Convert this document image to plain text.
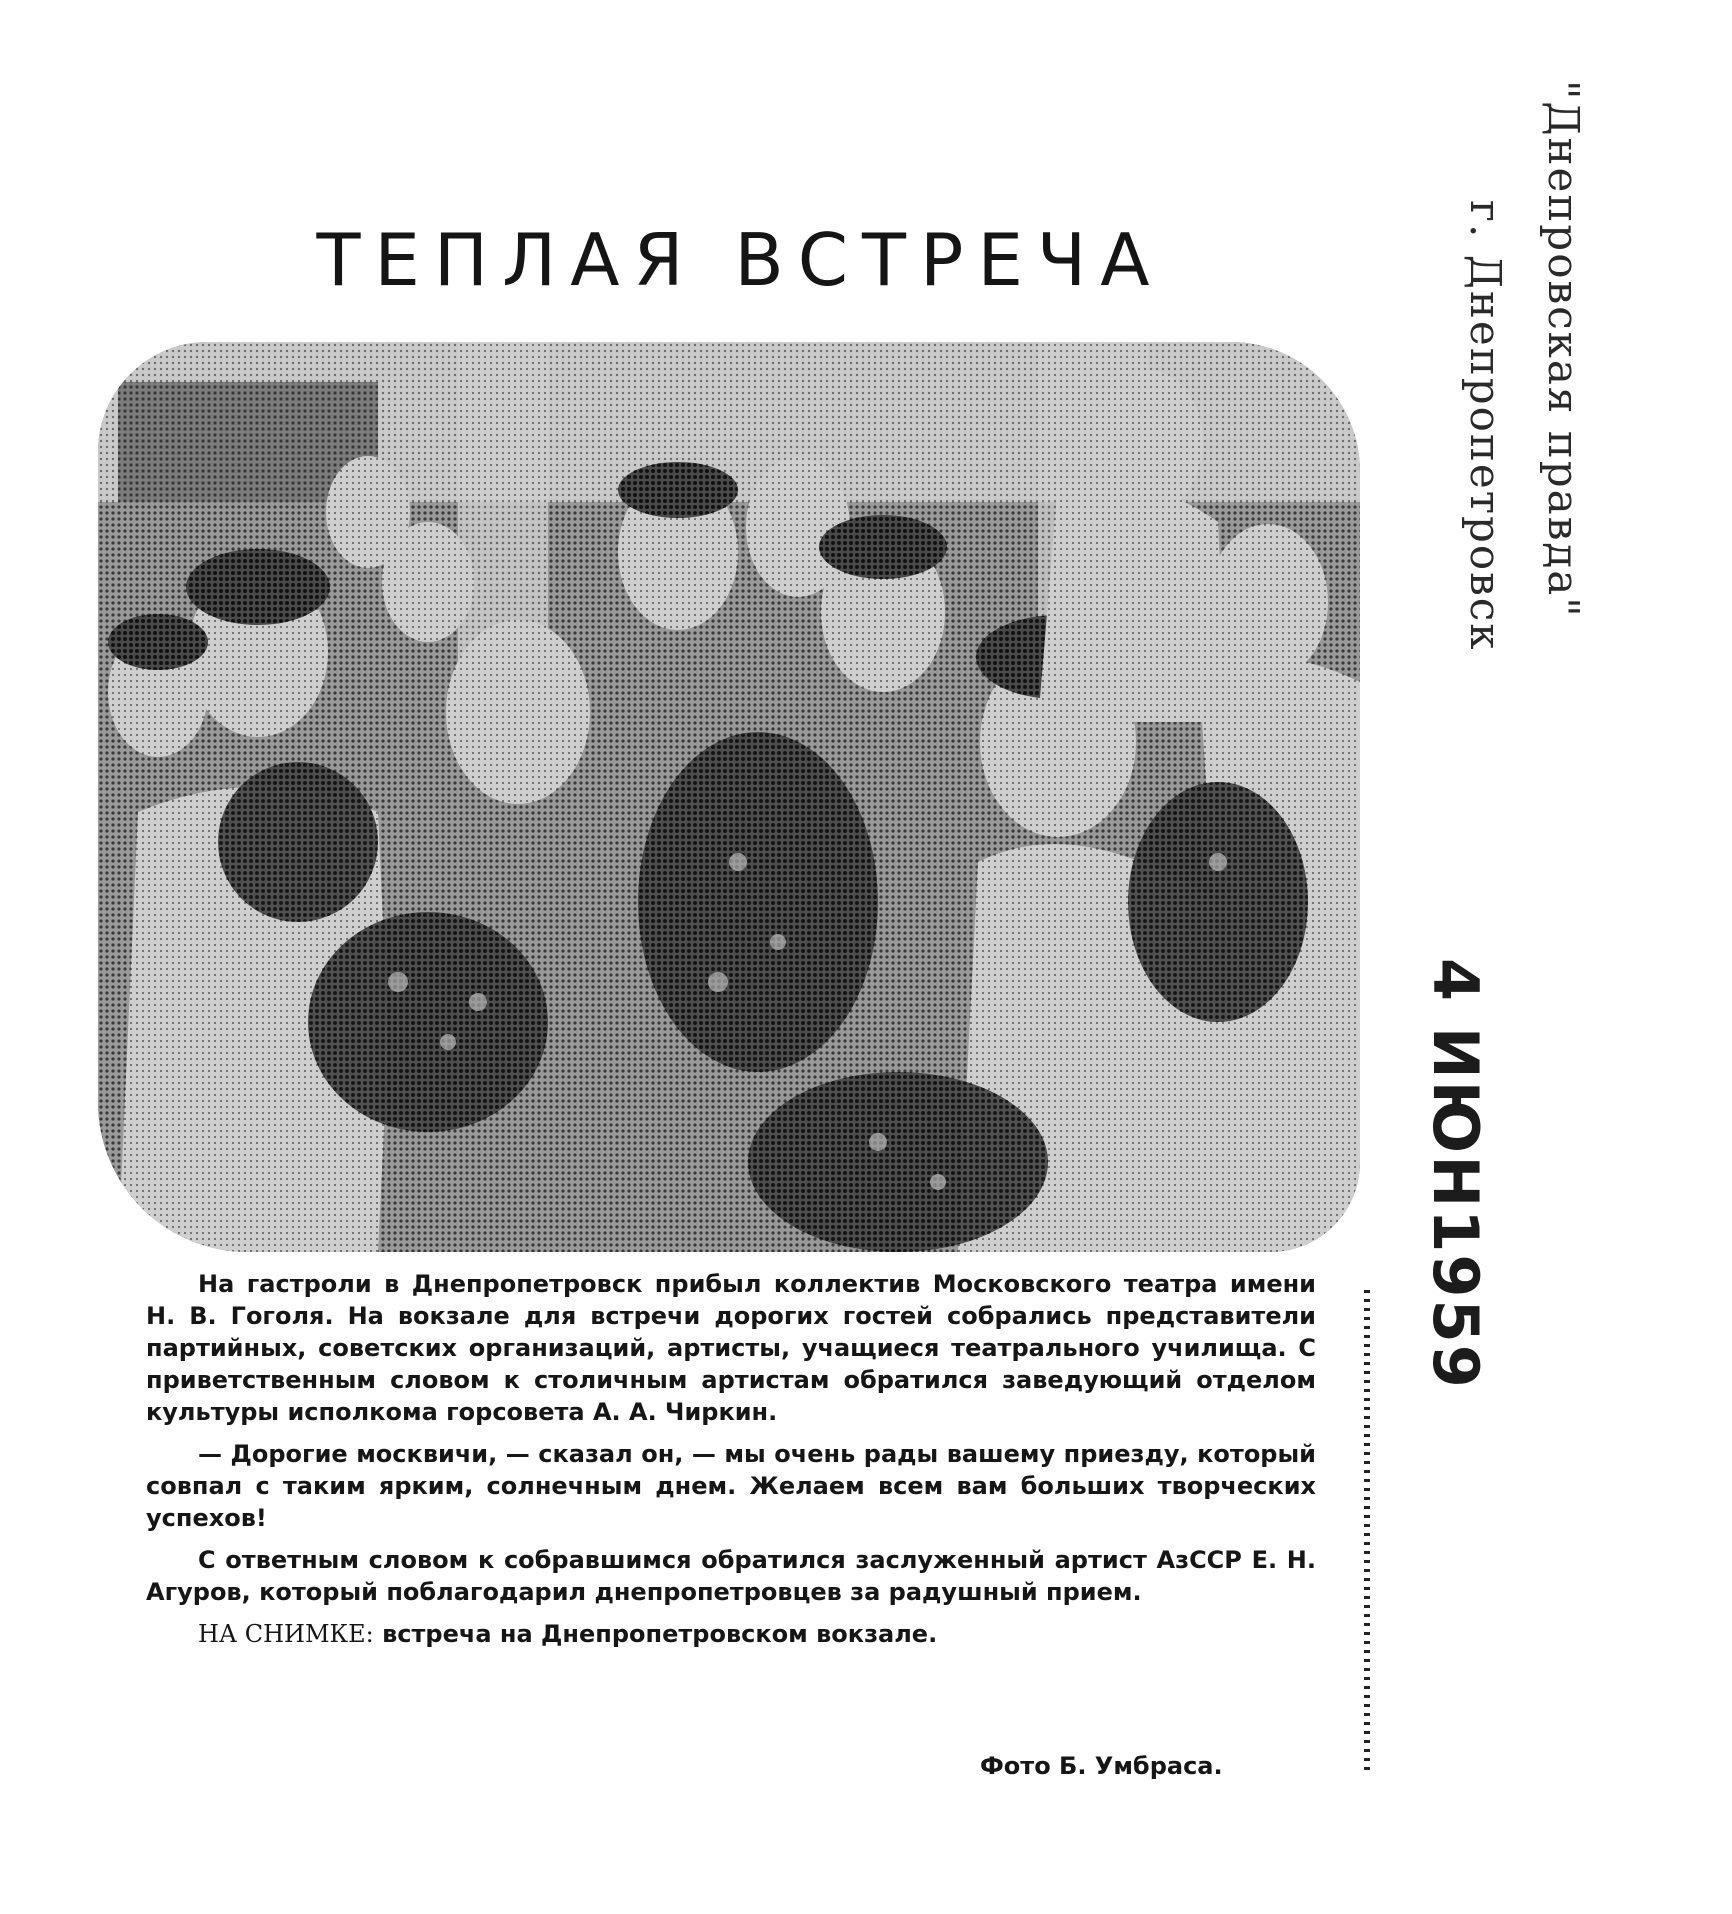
ТЕПЛАЯ ВСТРЕЧА	"Днепровская правда"
г. Днепропетровск
4 ИЮН1959

На гастроли в Днепропетровск прибыл коллектив Московского театра имени Н. В. Гоголя. На вокзале для встречи дорогих гостей собрались представители партийных, советских организаций, артисты, учащиеся театрального училища. С приветственным словом к столичным артистам обратился заведующий отделом культуры исполкома горсовета А. А. Чиркин.

— Дорогие москвичи, — сказал он, — мы очень рады вашему приезду, который совпал с таким ярким, солнечным днем. Желаем всем вам больших творческих успехов!

С ответным словом к собравшимся обратился заслуженный артист АзССР Е. Н. Агуров, который поблагодарил днепропетровцев за радушный прием.

НА СНИМКЕ: встреча на Днепропетровском вокзале.

Фото Б. Умбраса.
